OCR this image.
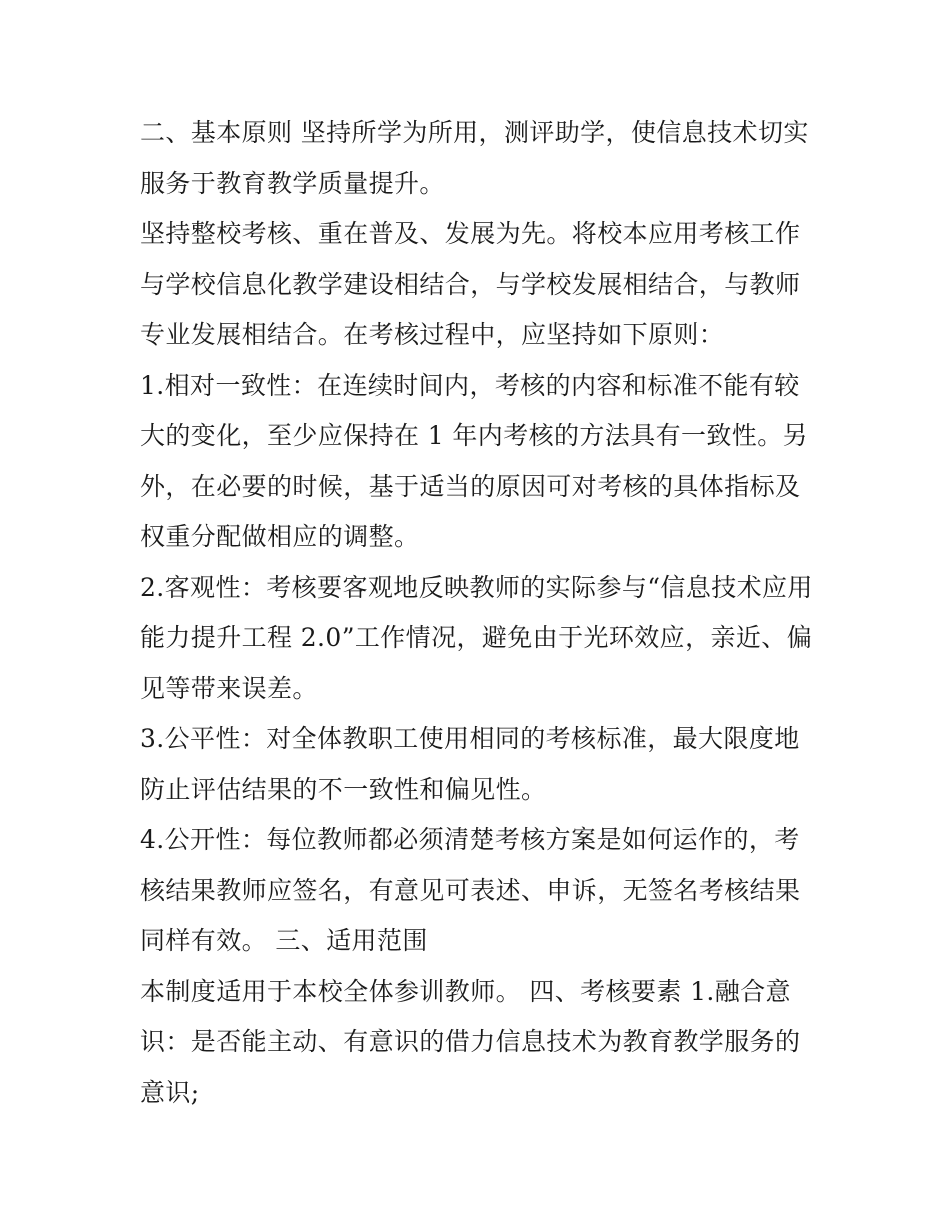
二、基本原则 坚持所学为所用，测评助学，使信息技术切实服务于教育教学质量提升。

坚持整校考核、重在普及、发展为先。将校本应用考核工作与学校信息化教学建设相结合，与学校发展相结合，与教师专业发展相结合。在考核过程中，应坚持如下原则：

1.相对一致性：在连续时间内，考核的内容和标准不能有较大的变化，至少应保持在 1 年内考核的方法具有一致性。另外，在必要的时候，基于适当的原因可对考核的具体指标及权重分配做相应的调整。

2.客观性：考核要客观地反映教师的实际参与“信息技术应用能力提升工程 2.0”工作情况，避免由于光环效应，亲近、偏见等带来误差。

3.公平性：对全体教职工使用相同的考核标准，最大限度地防止评估结果的不一致性和偏见性。

4.公开性：每位教师都必须清楚考核方案是如何运作的，考核结果教师应签名，有意见可表述、申诉，无签名考核结果同样有效。 三、适用范围

本制度适用于本校全体参训教师。 四、考核要素 1.融合意识：是否能主动、有意识的借力信息技术为教育教学服务的意识;
